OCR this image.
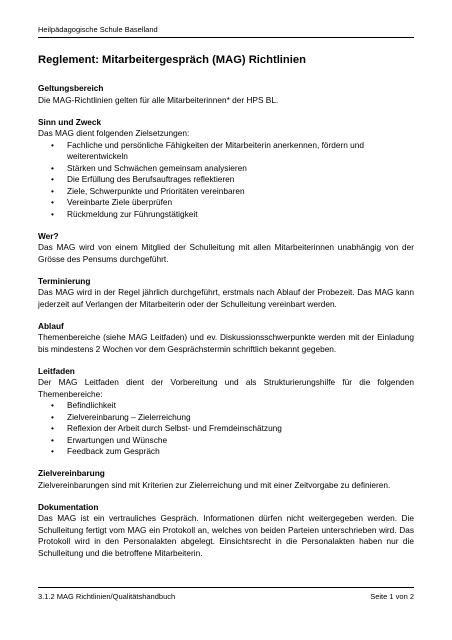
Heilpädagogische Schule Baselland
Reglement: Mitarbeitergespräch (MAG) Richtlinien
Geltungsbereich
Die MAG-Richtlinien gelten für alle Mitarbeiterinnen* der HPS BL.
Sinn und Zweck
Das MAG dient folgenden Zielsetzungen:
• Fachliche und persönliche Fähigkeiten der Mitarbeiterin anerkennen, fördern und weiterentwickeln
• Stärken und Schwächen gemeinsam analysieren
• Die Erfüllung des Berufsauftrages reflektieren
• Ziele, Schwerpunkte und Prioritäten vereinbaren
• Vereinbarte Ziele überprüfen
• Rückmeldung zur Führungstätigkeit
Wer?
Das MAG wird von einem Mitglied der Schulleitung mit allen Mitarbeiterinnen unabhängig von der Grösse des Pensums durchgeführt.
Terminierung
Das MAG wird in der Regel jährlich durchgeführt, erstmals nach Ablauf der Probezeit. Das MAG kann jederzeit auf Verlangen der Mitarbeiterin oder der Schulleitung vereinbart werden.
Ablauf
Themenbereiche (siehe MAG Leitfaden) und ev. Diskussionsschwerpunkte werden mit der Einladung bis mindestens 2 Wochen vor dem Gesprächstermin schriftlich bekannt gegeben.
Leitfaden
Der MAG Leitfaden dient der Vorbereitung und als Strukturierungshilfe für die folgenden Themenbereiche:
• Befindlichkeit
• Zielvereinbarung – Zielerreichung
• Reflexion der Arbeit durch Selbst- und Fremdeinschätzung
• Erwartungen und Wünsche
• Feedback zum Gespräch
Zielvereinbarung
Zielvereinbarungen sind mit Kriterien zur Zielerreichung und mit einer Zeitvorgabe zu definieren.
Dokumentation
Das MAG ist ein vertrauliches Gespräch. Informationen dürfen nicht weitergegeben werden. Die Schulleitung fertigt vom MAG ein Protokoll an, welches von beiden Parteien unterschrieben wird. Das Protokoll wird in den Personalakten abgelegt. Einsichtsrecht in die Personalakten haben nur die Schulleitung und die betroffene Mitarbeiterin.
3.1.2 MAG Richtlinien/Qualitätshandbuch	Seite 1 von 2
